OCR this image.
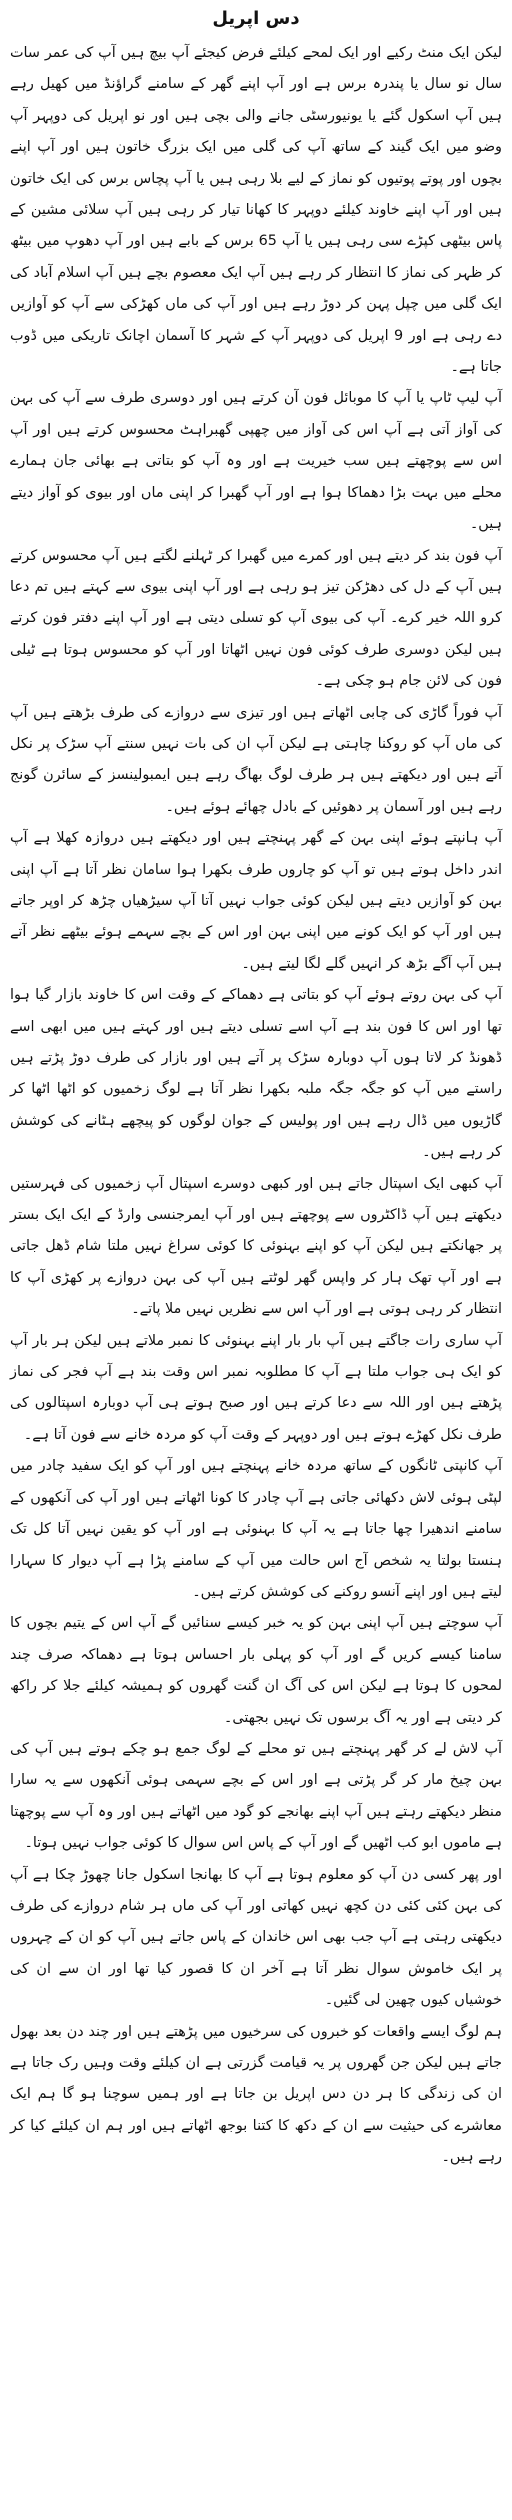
دس اپریل

لیکن ایک منٹ رکیے اور ایک لمحے کیلئے فرض کیجئے آپ بیچ ہیں آپ کی عمر سات سال نو سال یا پندرہ برس ہے اور آپ اپنے گھر کے سامنے گراؤنڈ میں کھیل رہے ہیں آپ اسکول گئے یا یونیورسٹی جانے والی بچی ہیں اور نو اپریل کی دوپہر آپ وضو میں ایک گیند کے ساتھ آپ کی گلی میں ایک بزرگ خاتون ہیں اور آپ اپنے بچوں اور پوتے پوتیوں کو نماز کے لیے بلا رہی ہیں یا آپ پچاس برس کی ایک خاتون ہیں اور آپ اپنے خاوند کیلئے دوپہر کا کھانا تیار کر رہی ہیں آپ سلائی مشین کے پاس بیٹھی کپڑے سی رہی ہیں یا آپ 65 برس کے بابے ہیں اور آپ دھوپ میں بیٹھ کر ظہر کی نماز کا انتظار کر رہے ہیں آپ ایک معصوم بچے ہیں آپ اسلام آباد کی ایک گلی میں چپل پہن کر دوڑ رہے ہیں اور آپ کی ماں کھڑکی سے آپ کو آوازیں دے رہی ہے اور 9 اپریل کی دوپہر آپ کے شہر کا آسمان اچانک تاریکی میں ڈوب جاتا ہے۔

آپ لیپ ٹاپ یا آپ کا موبائل فون آن کرتے ہیں اور دوسری طرف سے آپ کی بہن کی آواز آتی ہے آپ اس کی آواز میں چھپی گھبراہٹ محسوس کرتے ہیں اور آپ اس سے پوچھتے ہیں سب خیریت ہے اور وہ آپ کو بتاتی ہے بھائی جان ہمارے محلے میں بہت بڑا دھماکا ہوا ہے اور آپ گھبرا کر اپنی ماں اور بیوی کو آواز دیتے ہیں۔

آپ فون بند کر دیتے ہیں اور کمرے میں گھبرا کر ٹہلنے لگتے ہیں آپ محسوس کرتے ہیں آپ کے دل کی دھڑکن تیز ہو رہی ہے اور آپ اپنی بیوی سے کہتے ہیں تم دعا کرو اللہ خیر کرے۔ آپ کی بیوی آپ کو تسلی دیتی ہے اور آپ اپنے دفتر فون کرتے ہیں لیکن دوسری طرف کوئی فون نہیں اٹھاتا اور آپ کو محسوس ہوتا ہے ٹیلی فون کی لائن جام ہو چکی ہے۔

آپ فوراً گاڑی کی چابی اٹھاتے ہیں اور تیزی سے دروازے کی طرف بڑھتے ہیں آپ کی ماں آپ کو روکنا چاہتی ہے لیکن آپ ان کی بات نہیں سنتے آپ سڑک پر نکل آتے ہیں اور دیکھتے ہیں ہر طرف لوگ بھاگ رہے ہیں ایمبولینسز کے سائرن گونج رہے ہیں اور آسمان پر دھوئیں کے بادل چھائے ہوئے ہیں۔

آپ ہانپتے ہوئے اپنی بہن کے گھر پہنچتے ہیں اور دیکھتے ہیں دروازہ کھلا ہے آپ اندر داخل ہوتے ہیں تو آپ کو چاروں طرف بکھرا ہوا سامان نظر آتا ہے آپ اپنی بہن کو آوازیں دیتے ہیں لیکن کوئی جواب نہیں آتا آپ سیڑھیاں چڑھ کر اوپر جاتے ہیں اور آپ کو ایک کونے میں اپنی بہن اور اس کے بچے سہمے ہوئے بیٹھے نظر آتے ہیں آپ آگے بڑھ کر انہیں گلے لگا لیتے ہیں۔

آپ کی بہن روتے ہوئے آپ کو بتاتی ہے دھماکے کے وقت اس کا خاوند بازار گیا ہوا تھا اور اس کا فون بند ہے آپ اسے تسلی دیتے ہیں اور کہتے ہیں میں ابھی اسے ڈھونڈ کر لاتا ہوں آپ دوبارہ سڑک پر آتے ہیں اور بازار کی طرف دوڑ پڑتے ہیں راستے میں آپ کو جگہ جگہ ملبہ بکھرا نظر آتا ہے لوگ زخمیوں کو اٹھا اٹھا کر گاڑیوں میں ڈال رہے ہیں اور پولیس کے جوان لوگوں کو پیچھے ہٹانے کی کوشش کر رہے ہیں۔

آپ کبھی ایک اسپتال جاتے ہیں اور کبھی دوسرے اسپتال آپ زخمیوں کی فہرستیں دیکھتے ہیں آپ ڈاکٹروں سے پوچھتے ہیں اور آپ ایمرجنسی وارڈ کے ایک ایک بستر پر جھانکتے ہیں لیکن آپ کو اپنے بہنوئی کا کوئی سراغ نہیں ملتا شام ڈھل جاتی ہے اور آپ تھک ہار کر واپس گھر لوٹتے ہیں آپ کی بہن دروازے پر کھڑی آپ کا انتظار کر رہی ہوتی ہے اور آپ اس سے نظریں نہیں ملا پاتے۔

آپ ساری رات جاگتے ہیں آپ بار بار اپنے بہنوئی کا نمبر ملاتے ہیں لیکن ہر بار آپ کو ایک ہی جواب ملتا ہے آپ کا مطلوبہ نمبر اس وقت بند ہے آپ فجر کی نماز پڑھتے ہیں اور اللہ سے دعا کرتے ہیں اور صبح ہوتے ہی آپ دوبارہ اسپتالوں کی طرف نکل کھڑے ہوتے ہیں اور دوپہر کے وقت آپ کو مردہ خانے سے فون آتا ہے۔

آپ کانپتی ٹانگوں کے ساتھ مردہ خانے پہنچتے ہیں اور آپ کو ایک سفید چادر میں لپٹی ہوئی لاش دکھائی جاتی ہے آپ چادر کا کونا اٹھاتے ہیں اور آپ کی آنکھوں کے سامنے اندھیرا چھا جاتا ہے یہ آپ کا بہنوئی ہے اور آپ کو یقین نہیں آتا کل تک ہنستا بولتا یہ شخص آج اس حالت میں آپ کے سامنے پڑا ہے آپ دیوار کا سہارا لیتے ہیں اور اپنے آنسو روکنے کی کوشش کرتے ہیں۔

آپ سوچتے ہیں آپ اپنی بہن کو یہ خبر کیسے سنائیں گے آپ اس کے یتیم بچوں کا سامنا کیسے کریں گے اور آپ کو پہلی بار احساس ہوتا ہے دھماکہ صرف چند لمحوں کا ہوتا ہے لیکن اس کی آگ ان گنت گھروں کو ہمیشہ کیلئے جلا کر راکھ کر دیتی ہے اور یہ آگ برسوں تک نہیں بجھتی۔

آپ لاش لے کر گھر پہنچتے ہیں تو محلے کے لوگ جمع ہو چکے ہوتے ہیں آپ کی بہن چیخ مار کر گر پڑتی ہے اور اس کے بچے سہمی ہوئی آنکھوں سے یہ سارا منظر دیکھتے رہتے ہیں آپ اپنے بھانجے کو گود میں اٹھاتے ہیں اور وہ آپ سے پوچھتا ہے ماموں ابو کب اٹھیں گے اور آپ کے پاس اس سوال کا کوئی جواب نہیں ہوتا۔

اور پھر کسی دن آپ کو معلوم ہوتا ہے آپ کا بھانجا اسکول جانا چھوڑ چکا ہے آپ کی بہن کئی کئی دن کچھ نہیں کھاتی اور آپ کی ماں ہر شام دروازے کی طرف دیکھتی رہتی ہے آپ جب بھی اس خاندان کے پاس جاتے ہیں آپ کو ان کے چہروں پر ایک خاموش سوال نظر آتا ہے آخر ان کا قصور کیا تھا اور ان سے ان کی خوشیاں کیوں چھین لی گئیں۔

ہم لوگ ایسے واقعات کو خبروں کی سرخیوں میں پڑھتے ہیں اور چند دن بعد بھول جاتے ہیں لیکن جن گھروں پر یہ قیامت گزرتی ہے ان کیلئے وقت وہیں رک جاتا ہے ان کی زندگی کا ہر دن دس اپریل بن جاتا ہے اور ہمیں سوچنا ہو گا ہم ایک معاشرے کی حیثیت سے ان کے دکھ کا کتنا بوجھ اٹھاتے ہیں اور ہم ان کیلئے کیا کر رہے ہیں۔
